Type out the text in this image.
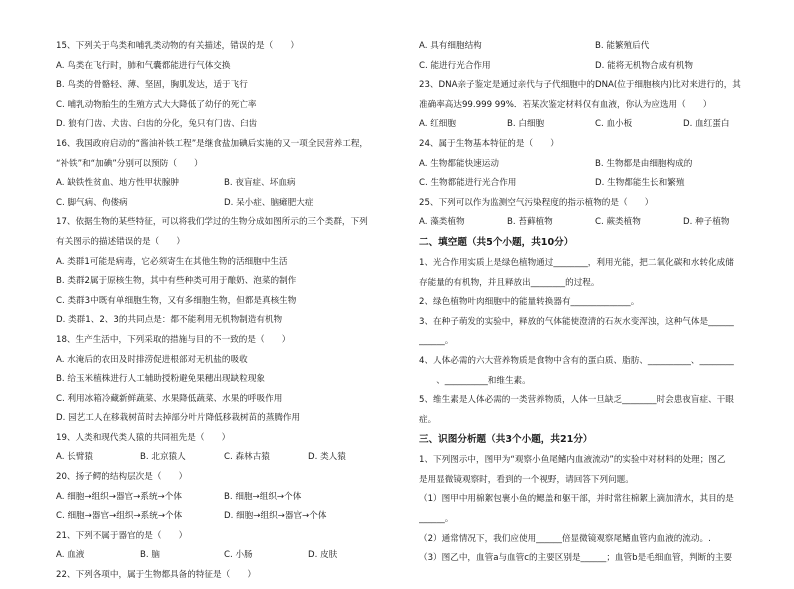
15、下列关于鸟类和哺乳类动物的有关描述，错误的是（　　）
A. 鸟类在飞行时，肺和气囊都能进行气体交换
B. 鸟类的骨骼轻、薄、坚固，胸肌发达，适于飞行
C. 哺乳动物胎生的生殖方式大大降低了幼仔的死亡率
D. 狼有门齿、犬齿、臼齿的分化，兔只有门齿、臼齿
16、我国政府启动的“酱油补铁工程”是继食盐加碘后实施的又一项全民营养工程，
“补铁”和“加碘”分别可以预防（　　）
A. 缺铁性贫血、地方性甲状腺肿	B. 夜盲症、坏血病
C. 脚气病、佝偻病	D. 呆小症、脑瘫肥大症
17、依据生物的某些特征，可以将我们学过的生物分成如图所示的三个类群，下列
有关图示的描述错误的是（　　）
A. 类群1可能是病毒，它必须寄生在其他生物的活细胞中生活
B. 类群2属于原核生物，其中有些种类可用于酿奶、泡菜的制作
C. 类群3中既有单细胞生物，又有多细胞生物，但都是真核生物
D. 类群1、2、3的共同点是：都不能利用无机物制造有机物
18、生产生活中，下列采取的措施与目的不一致的是（　　）
A. 水淹后的农田及时排涝促进根部对无机盐的吸收
B. 给玉米植株进行人工辅助授粉避免果穗出现缺粒现象
C. 利用冰箱冷藏新鲜蔬菜、水果降低蔬菜、水果的呼吸作用
D. 园艺工人在移栽树苗时去掉部分叶片降低移栽树苗的蒸腾作用
19、人类和现代类人猿的共同祖先是（　　）
A. 长臂猿	B. 北京猿人	C. 森林古猿	D. 类人猿
20、扬子鳄的结构层次是（　　）
A. 细胞→组织→器官→系统→个体	B. 细胞→组织→个体
C. 细胞→器官→组织→系统→个体	D. 细胞→组织→器官→个体
21、下列不属于器官的是（　　）
A. 血液	B. 脑	C. 小肠	D. 皮肤
22、下列各项中，属于生物都具备的特征是（　　）
A. 具有细胞结构	B. 能繁殖后代
C. 能进行光合作用	D. 能将无机物合成有机物
23、DNA亲子鉴定是通过亲代与子代细胞中的DNA(位于细胞核内)比对来进行的，其
准确率高达99.999 99%．若某次鉴定材料仅有血液，你认为应选用（　　）
A. 红细胞	B. 白细胞	C. 血小板	D. 血红蛋白
24、属于生物基本特征的是（　　）
A. 生物都能快速运动	B. 生物都是由细胞构成的
C. 生物都能进行光合作用	D. 生物都能生长和繁殖
25、下列可以作为监测空气污染程度的指示植物的是（　　）
A. 藻类植物	B. 苔藓植物	C. 蕨类植物	D. 种子植物
二、填空题（共5个小题，共10分）
1、光合作用实质上是绿色植物通过________，利用光能，把二氧化碳和水转化成储
存能量的有机物，并且释放出________的过程。
2、绿色植物叶肉细胞中的能量转换器有______________。
3、在种子萌发的实验中，释放的气体能使澄清的石灰水变浑浊，这种气体是______
______。
4、人体必需的六大营养物质是食物中含有的蛋白质、脂肪、__________、________
　　、__________和维生素。
5、维生素是人体必需的一类营养物质，人体一旦缺乏________时会患夜盲症、干眼
症。
三、识图分析题（共3个小题，共21分）
1、下列图示中，图甲为“观察小鱼尾鳍内血液流动”的实验中对材料的处理；图乙
是用显微镜观察时，看到的一个视野，请回答下列问题。
（1）图甲中用棉絮包裹小鱼的鳃盖和躯干部，并时常往棉絮上滴加清水，其目的是
______。
（2）通常情况下，我们应使用______倍显微镜观察尾鳍血管内血液的流动。.
（3）图乙中，血管a与血管c的主要区别是______；血管b是毛细血管，判断的主要
